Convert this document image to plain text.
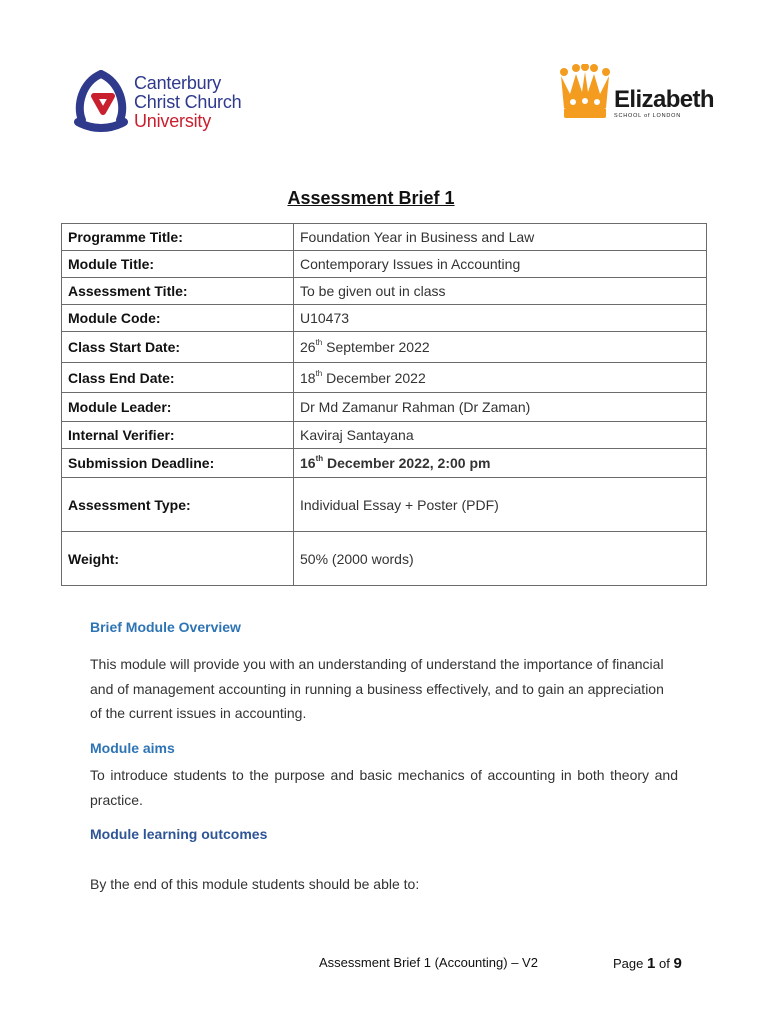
Canterbury
Christ Church
University
Elizabeth
SCHOOL of LONDON
Assessment Brief 1
Programme Title:	Foundation Year in Business and Law
Module Title:	Contemporary Issues in Accounting
Assessment Title:	To be given out in class
Module Code:	U10473
Class Start Date:	26th September 2022
Class End Date:	18th December 2022
Module Leader:	Dr Md Zamanur Rahman (Dr Zaman)
Internal Verifier:	Kaviraj Santayana
Submission Deadline:	16th December 2022, 2:00 pm
Assessment Type:	Individual Essay + Poster (PDF)
Weight:	50% (2000 words)
Brief Module Overview
This module will provide you with an understanding of understand the importance of financial and of management accounting in running a business effectively, and to gain an appreciation of the current issues in accounting.
Module aims
To introduce students to the purpose and basic mechanics of accounting in both theory and practice.
Module learning outcomes
By the end of this module students should be able to:
Assessment Brief 1 (Accounting) – V2	Page 1 of 9
